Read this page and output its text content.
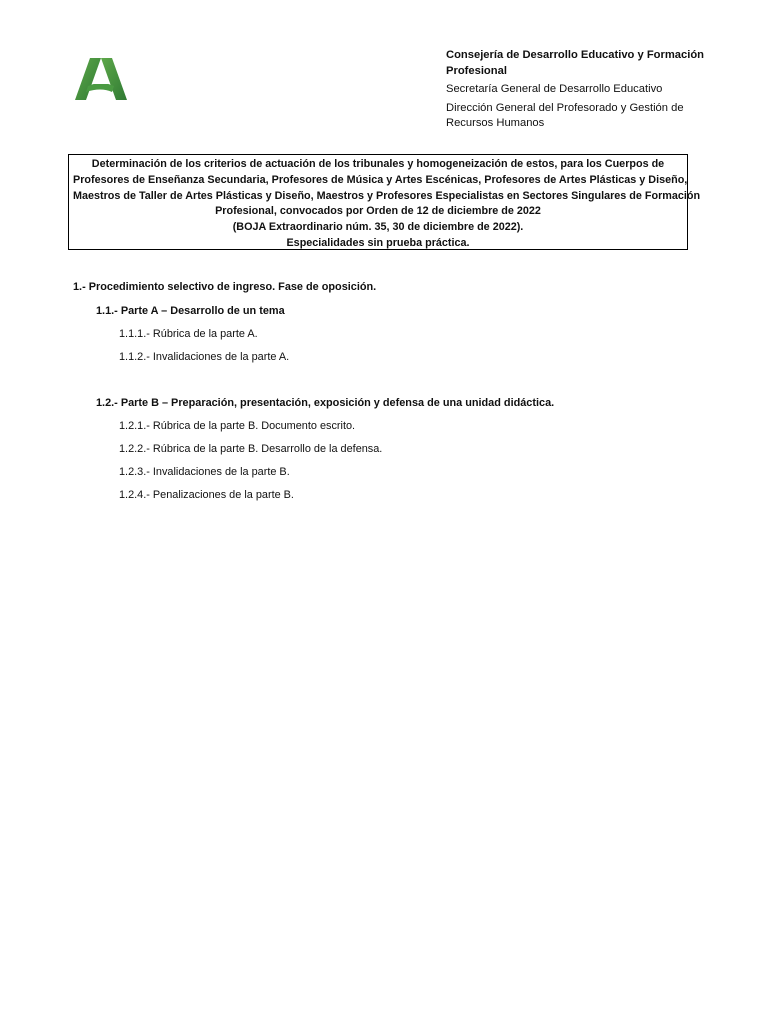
Consejería de Desarrollo Educativo y Formación
Profesional
Secretaría General de Desarrollo Educativo
Dirección General del Profesorado y Gestión de
Recursos Humanos
Determinación de los criterios de actuación de los tribunales y homogeneización de estos, para los Cuerpos de
Profesores de Enseñanza Secundaria, Profesores de Música y Artes Escénicas, Profesores de Artes Plásticas y Diseño,
Maestros de Taller de Artes Plásticas y Diseño, Maestros y Profesores Especialistas en Sectores Singulares de Formación
Profesional, convocados por Orden de 12 de diciembre de 2022
(BOJA Extraordinario núm. 35, 30 de diciembre de 2022).
Especialidades sin prueba práctica.
1.- Procedimiento selectivo de ingreso. Fase de oposición.
1.1.- Parte A – Desarrollo de un tema
1.1.1.- Rúbrica de la parte A.
1.1.2.- Invalidaciones de la parte A.
1.2.- Parte B – Preparación, presentación, exposición y defensa de una unidad didáctica.
1.2.1.- Rúbrica de la parte B. Documento escrito.
1.2.2.- Rúbrica de la parte B. Desarrollo de la defensa.
1.2.3.- Invalidaciones de la parte B.
1.2.4.- Penalizaciones de la parte B.
